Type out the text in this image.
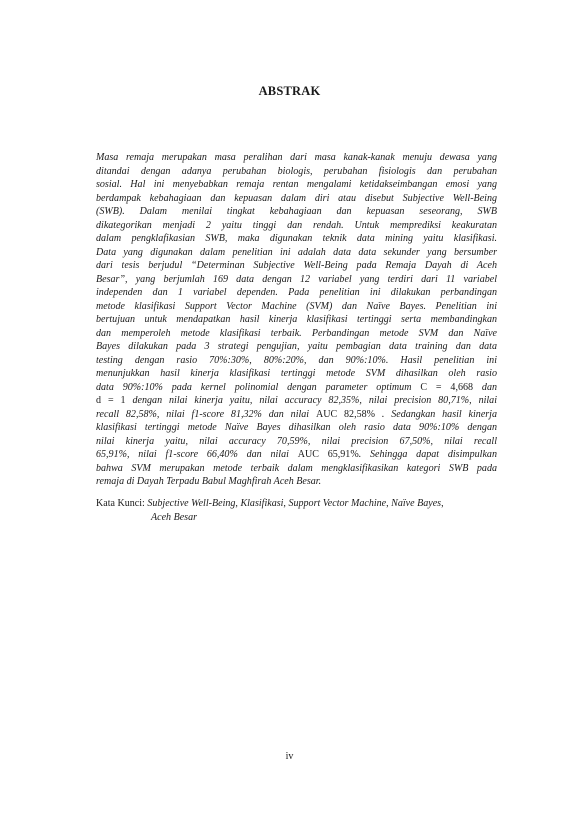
ABSTRAK
Masa remaja merupakan masa peralihan dari masa kanak-kanak menuju dewasa yang
ditandai dengan adanya perubahan biologis, perubahan fisiologis dan perubahan
sosial. Hal ini menyebabkan remaja rentan mengalami ketidakseimbangan emosi yang
berdampak kebahagiaan dan kepuasan dalam diri atau disebut Subjective Well-Being
(SWB). Dalam menilai tingkat kebahagiaan dan kepuasan seseorang, SWB
dikategorikan menjadi 2 yaitu tinggi dan rendah. Untuk memprediksi keakuratan
dalam pengklafikasian SWB, maka digunakan teknik data mining yaitu klasifikasi.
Data yang digunakan dalam penelitian ini adalah data data sekunder yang bersumber
dari tesis berjudul “Determinan Subjective Well-Being pada Remaja Dayah di Aceh
Besar”, yang berjumlah 169 data dengan 12 variabel yang terdiri dari 11 variabel
independen dan 1 variabel dependen. Pada penelitian ini dilakukan perbandingan
metode klasifikasi Support Vector Machine (SVM) dan Naïve Bayes. Penelitian ini
bertujuan untuk mendapatkan hasil kinerja klasifikasi tertinggi serta membandingkan
dan memperoleh metode klasifikasi terbaik. Perbandingan metode SVM dan Naïve
Bayes dilakukan pada 3 strategi pengujian, yaitu pembagian data training dan data
testing dengan rasio 70%:30%, 80%:20%, dan 90%:10%. Hasil penelitian ini
menunjukkan hasil kinerja klasifikasi tertinggi metode SVM dihasilkan oleh rasio
data 90%:10% pada kernel polinomial dengan parameter optimum C = 4,668 dan
d = 1 dengan nilai kinerja yaitu, nilai accuracy 82,35%, nilai precision 80,71%, nilai
recall 82,58%, nilai f1-score 81,32% dan nilai AUC 82,58% . Sedangkan hasil kinerja
klasifikasi tertinggi metode Naïve Bayes dihasilkan oleh rasio data 90%:10% dengan
nilai kinerja yaitu, nilai accuracy 70,59%, nilai precision 67,50%, nilai recall
65,91%, nilai f1-score 66,40% dan nilai AUC 65,91%. Sehingga dapat disimpulkan
bahwa SVM merupakan metode terbaik dalam mengklasifikasikan kategori SWB pada
remaja di Dayah Terpadu Babul Maghfirah Aceh Besar.
Kata Kunci: Subjective Well-Being, Klasifikasi, Support Vector Machine, Naïve Bayes,
Aceh Besar
iv
